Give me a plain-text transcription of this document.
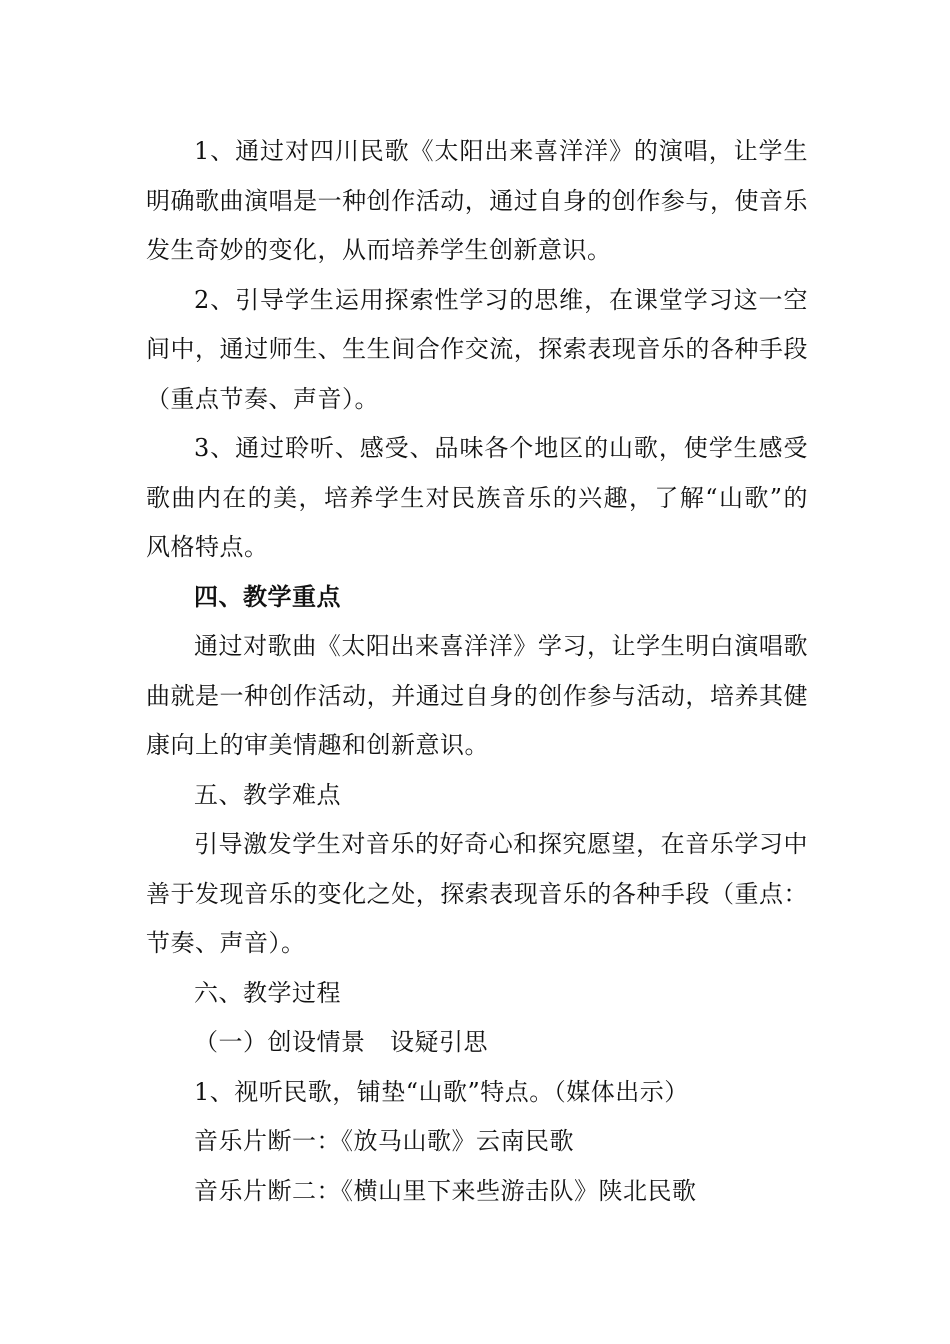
1、通过对四川民歌《太阳出来喜洋洋》的演唱，让学生明确歌曲演唱是一种创作活动，通过自身的创作参与，使音乐发生奇妙的变化，从而培养学生创新意识。

2、引导学生运用探索性学习的思维，在课堂学习这一空间中，通过师生、生生间合作交流，探索表现音乐的各种手段（重点节奏、声音）。

3、通过聆听、感受、品味各个地区的山歌，使学生感受歌曲内在的美，培养学生对民族音乐的兴趣，了解“山歌”的风格特点。

四、教学重点

通过对歌曲《太阳出来喜洋洋》学习，让学生明白演唱歌曲就是一种创作活动，并通过自身的创作参与活动，培养其健康向上的审美情趣和创新意识。

五、教学难点

引导激发学生对音乐的好奇心和探究愿望，在音乐学习中善于发现音乐的变化之处，探索表现音乐的各种手段（重点：节奏、声音）。

六、教学过程

（一）创设情景　设疑引思

1、视听民歌，铺垫“山歌”特点。（媒体出示）

音乐片断一：《放马山歌》云南民歌

音乐片断二：《横山里下来些游击队》陕北民歌
